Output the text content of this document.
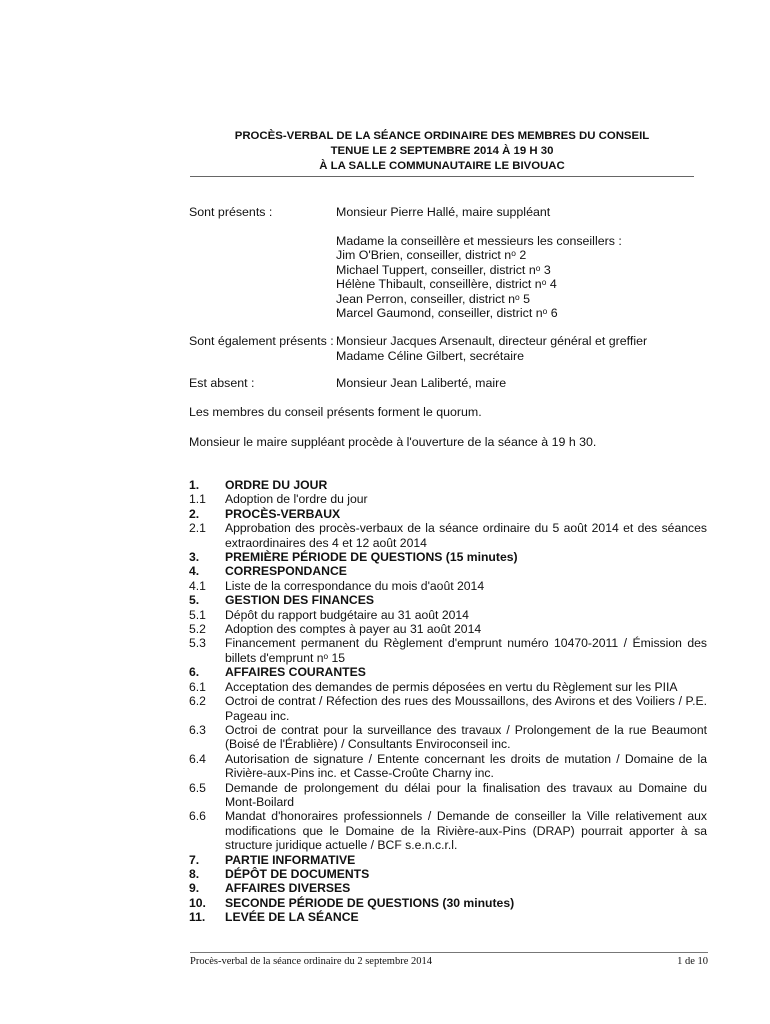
PROCÈS-VERBAL DE LA SÉANCE ORDINAIRE DES MEMBRES DU CONSEIL
TENUE LE 2 SEPTEMBRE 2014 À 19 H 30
À LA SALLE COMMUNAUTAIRE LE BIVOUAC
Sont présents :	Monsieur Pierre Hallé, maire suppléant
Madame la conseillère et messieurs les conseillers :
Jim O'Brien, conseiller, district nᵒ 2
Michael Tuppert, conseiller, district nᵒ 3
Hélène Thibault, conseillère, district nᵒ 4
Jean Perron, conseiller, district nᵒ 5
Marcel Gaumond, conseiller, district nᵒ 6
Sont également présents : Monsieur Jacques Arsenault, directeur général et greffier
Madame Céline Gilbert, secrétaire
Est absent :	Monsieur Jean Laliberté, maire
Les membres du conseil présents forment le quorum.
Monsieur le maire suppléant procède à l'ouverture de la séance à 19 h 30.
1.	ORDRE DU JOUR
1.1	Adoption de l'ordre du jour
2.	PROCÈS-VERBAUX
2.1	Approbation des procès-verbaux de la séance ordinaire du 5 août 2014 et des séances extraordinaires des 4 et 12 août 2014
3.	PREMIÈRE PÉRIODE DE QUESTIONS (15 minutes)
4.	CORRESPONDANCE
4.1	Liste de la correspondance du mois d'août 2014
5.	GESTION DES FINANCES
5.1	Dépôt du rapport budgétaire au 31 août 2014
5.2	Adoption des comptes à payer au 31 août 2014
5.3	Financement permanent du Règlement d'emprunt numéro 10470-2011 / Émission des billets d'emprunt nᵒ 15
6.	AFFAIRES COURANTES
6.1	Acceptation des demandes de permis déposées en vertu du Règlement sur les PIIA
6.2	Octroi de contrat / Réfection des rues des Moussaillons, des Avirons et des Voiliers / P.E. Pageau inc.
6.3	Octroi de contrat pour la surveillance des travaux / Prolongement de la rue Beaumont (Boisé de l'Érablière) / Consultants Enviroconseil inc.
6.4	Autorisation de signature / Entente concernant les droits de mutation / Domaine de la Rivière-aux-Pins inc. et Casse-Croûte Charny inc.
6.5	Demande de prolongement du délai pour la finalisation des travaux au Domaine du Mont-Boilard
6.6	Mandat d'honoraires professionnels / Demande de conseiller la Ville relativement aux modifications que le Domaine de la Rivière-aux-Pins (DRAP) pourrait apporter à sa structure juridique actuelle / BCF s.e.n.c.r.l.
7.	PARTIE INFORMATIVE
8.	DÉPÔT DE DOCUMENTS
9.	AFFAIRES DIVERSES
10.	SECONDE PÉRIODE DE QUESTIONS (30 minutes)
11.	LEVÉE DE LA SÉANCE
Procès-verbal de la séance ordinaire du 2 septembre 2014	1 de 10
